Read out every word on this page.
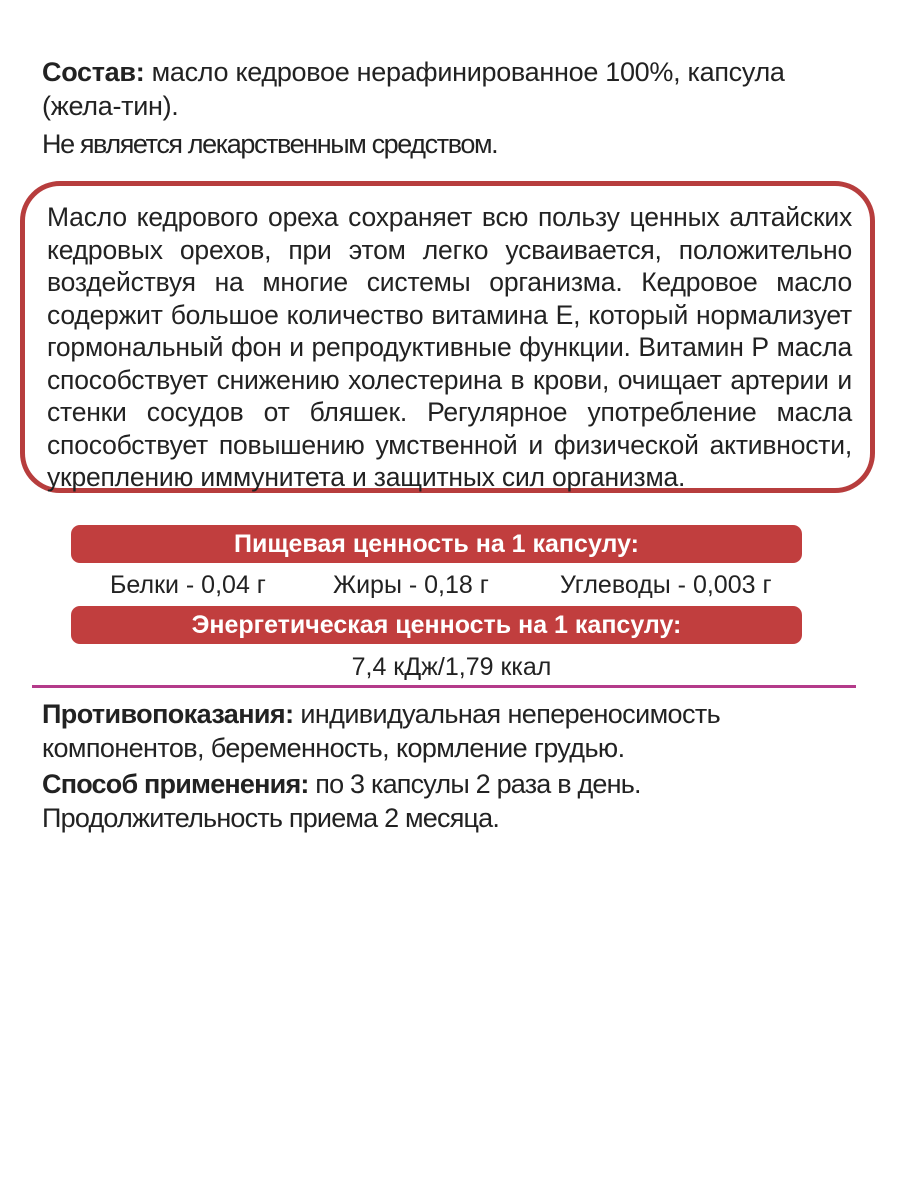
Состав: масло кедровое нерафинированное 100%, капсула (жела-тин).
Не является лекарственным средством.
Масло кедрового ореха сохраняет всю пользу ценных алтайских кедровых орехов, при этом легко усваивается, положительно воздействуя на многие системы организма. Кедровое масло содержит большое количество витамина Е, который нормализует гормональный фон и репродуктивные функции. Витамин Р масла способствует снижению холестерина в крови, очищает артерии и стенки сосудов от бляшек. Регулярное употребление масла способствует повышению умственной и физической активности, укреплению иммунитета и защитных сил организма.
Пищевая ценность на 1 капсулу:
Белки - 0,04 г	Жиры - 0,18 г	Углеводы - 0,003 г
Энергетическая ценность на 1 капсулу:
7,4 кДж/1,79 ккал
Противопоказания: индивидуальная непереносимость компонентов, беременность, кормление грудью.
Способ применения: по 3 капсулы 2 раза в день. Продолжительность приема 2 месяца.
